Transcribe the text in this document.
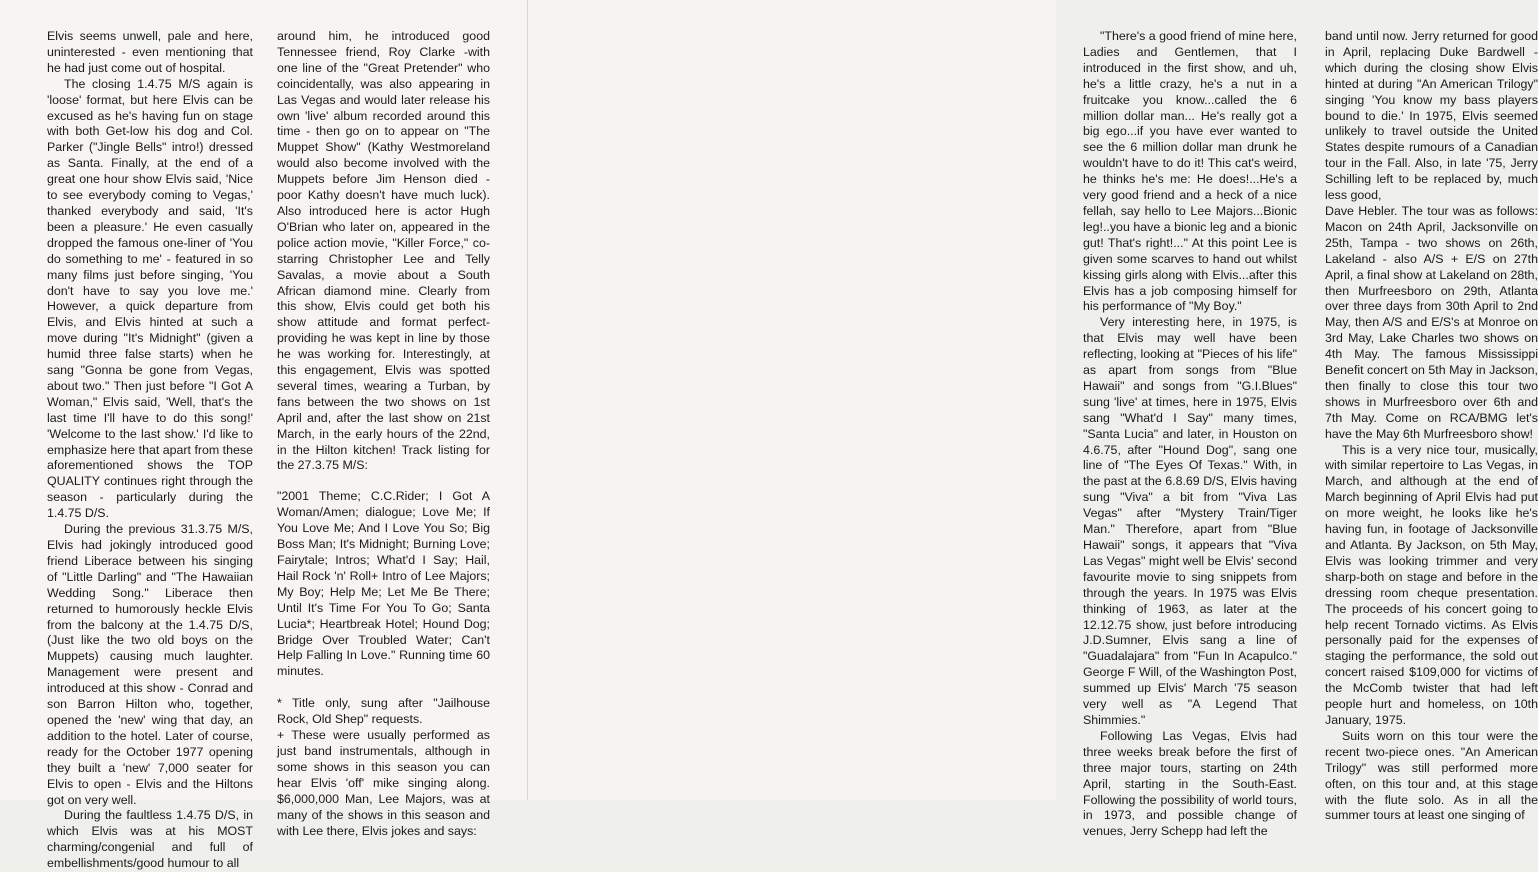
Elvis seems unwell, pale and here, uninterested - even mentioning that he had just come out of hospital.

The closing 1.4.75 M/S again is 'loose' format, but here Elvis can be excused as he's having fun on stage with both Get-low his dog and Col. Parker ("Jingle Bells" intro!) dressed as Santa. Finally, at the end of a great one hour show Elvis said, 'Nice to see everybody coming to Vegas,' thanked everybody and said, 'It's been a pleasure.' He even casually dropped the famous one-liner of 'You do something to me' - featured in so many films just before singing, 'You don't have to say you love me.' However, a quick departure from Elvis, and Elvis hinted at such a move during "It's Midnight" (given a humid three false starts) when he sang "Gonna be gone from Vegas, about two." Then just before "I Got A Woman," Elvis said, 'Well, that's the last time I'll have to do this song!' 'Welcome to the last show.' I'd like to emphasize here that apart from these aforementioned shows the TOP QUALITY continues right through the season - particularly during the 1.4.75 D/S.

During the previous 31.3.75 M/S, Elvis had jokingly introduced good friend Liberace between his singing of "Little Darling" and "The Hawaiian Wedding Song." Liberace then returned to humorously heckle Elvis from the balcony at the 1.4.75 D/S, (Just like the two old boys on the Muppets) causing much laughter. Management were present and introduced at this show - Conrad and son Barron Hilton who, together, opened the 'new' wing that day, an addition to the hotel. Later of course, ready for the October 1977 opening they built a 'new' 7,000 seater for Elvis to open - Elvis and the Hiltons got on very well.

During the faultless 1.4.75 D/S, in which Elvis was at his MOST charming/congenial and full of embellishments/good humour to all

around him, he introduced good Tennessee friend, Roy Clarke -with one line of the "Great Pretender" who coincidentally, was also appearing in Las Vegas and would later release his own 'live' album recorded around this time - then go on to appear on "The Muppet Show" (Kathy Westmoreland would also become involved with the Muppets before Jim Henson died - poor Kathy doesn't have much luck). Also introduced here is actor Hugh O'Brian who later on, appeared in the police action movie, "Killer Force," co-starring Christopher Lee and Telly Savalas, a movie about a South African diamond mine. Clearly from this show, Elvis could get both his show attitude and format perfect-providing he was kept in line by those he was working for. Interestingly, at this engagement, Elvis was spotted several times, wearing a Turban, by fans between the two shows on 1st April and, after the last show on 21st March, in the early hours of the 22nd, in the Hilton kitchen! Track listing for the 27.3.75 M/S:

"2001 Theme; C.C.Rider; I Got A Woman/Amen; dialogue; Love Me; If You Love Me; And I Love You So; Big Boss Man; It's Midnight; Burning Love; Fairytale; Intros; What'd I Say; Hail, Hail Rock 'n' Roll+ Intro of Lee Majors; My Boy; Help Me; Let Me Be There; Until It's Time For You To Go; Santa Lucia*; Heartbreak Hotel; Hound Dog; Bridge Over Troubled Water; Can't Help Falling In Love." Running time 60 minutes.

* Title only, sung after "Jailhouse Rock, Old Shep" requests.

+ These were usually performed as just band instrumentals, although in some shows in this season you can hear Elvis 'off' mike singing along. $6,000,000 Man, Lee Majors, was at many of the shows in this season and with Lee there, Elvis jokes and says:

"There's a good friend of mine here, Ladies and Gentlemen, that I introduced in the first show, and uh, he's a little crazy, he's a nut in a fruitcake you know...called the 6 million dollar man... He's really got a big ego...if you have ever wanted to see the 6 million dollar man drunk he wouldn't have to do it! This cat's weird, he thinks he's me: He does!...He's a very good friend and a heck of a nice fellah, say hello to Lee Majors...Bionic leg!..you have a bionic leg and a bionic gut! That's right!..." At this point Lee is given some scarves to hand out whilst kissing girls along with Elvis...after this Elvis has a job composing himself for his performance of "My Boy."

Very interesting here, in 1975, is that Elvis may well have been reflecting, looking at "Pieces of his life" as apart from songs from "Blue Hawaii" and songs from "G.I.Blues" sung 'live' at times, here in 1975, Elvis sang "What'd I Say" many times, "Santa Lucia" and later, in Houston on 4.6.75, after "Hound Dog", sang one line of "The Eyes Of Texas." With, in the past at the 6.8.69 D/S, Elvis having sung "Viva" a bit from "Viva Las Vegas" after "Mystery Train/Tiger Man." Therefore, apart from "Blue Hawaii" songs, it appears that "Viva Las Vegas" might well be Elvis' second favourite movie to sing snippets from through the years. In 1975 was Elvis thinking of 1963, as later at the 12.12.75 show, just before introducing J.D.Sumner, Elvis sang a line of "Guadalajara" from "Fun In Acapulco." George F Will, of the Washington Post, summed up Elvis' March '75 season very well as "A Legend That Shimmies."

Following Las Vegas, Elvis had three weeks break before the first of three major tours, starting on 24th April, starting in the South-East. Following the possibility of world tours, in 1973, and possible change of venues, Jerry Schepp had left the

band until now. Jerry returned for good in April, replacing Duke Bardwell - which during the closing show Elvis hinted at during "An American Trilogy" singing 'You know my bass players bound to die.' In 1975, Elvis seemed unlikely to travel outside the United States despite rumours of a Canadian tour in the Fall. Also, in late '75, Jerry Schilling left to be replaced by, much less good,

Dave Hebler. The tour was as follows: Macon on 24th April, Jacksonville on 25th, Tampa - two shows on 26th, Lakeland - also A/S + E/S on 27th April, a final show at Lakeland on 28th, then Murfreesboro on 29th, Atlanta over three days from 30th April to 2nd May, then A/S and E/S's at Monroe on 3rd May, Lake Charles two shows on 4th May. The famous Mississippi Benefit concert on 5th May in Jackson, then finally to close this tour two shows in Murfreesboro over 6th and 7th May. Come on RCA/BMG let's have the May 6th Murfreesboro show!

This is a very nice tour, musically, with similar repertoire to Las Vegas, in March, and although at the end of March beginning of April Elvis had put on more weight, he looks like he's having fun, in footage of Jacksonville and Atlanta. By Jackson, on 5th May, Elvis was looking trimmer and very sharp-both on stage and before in the dressing room cheque presentation. The proceeds of his concert going to help recent Tornado victims. As Elvis personally paid for the expenses of staging the performance, the sold out concert raised $109,000 for victims of the McComb twister that had left people hurt and homeless, on 10th January, 1975.

Suits worn on this tour were the recent two-piece ones. "An American Trilogy" was still performed more often, on this tour and, at this stage with the flute solo. As in all the summer tours at least one singing of
